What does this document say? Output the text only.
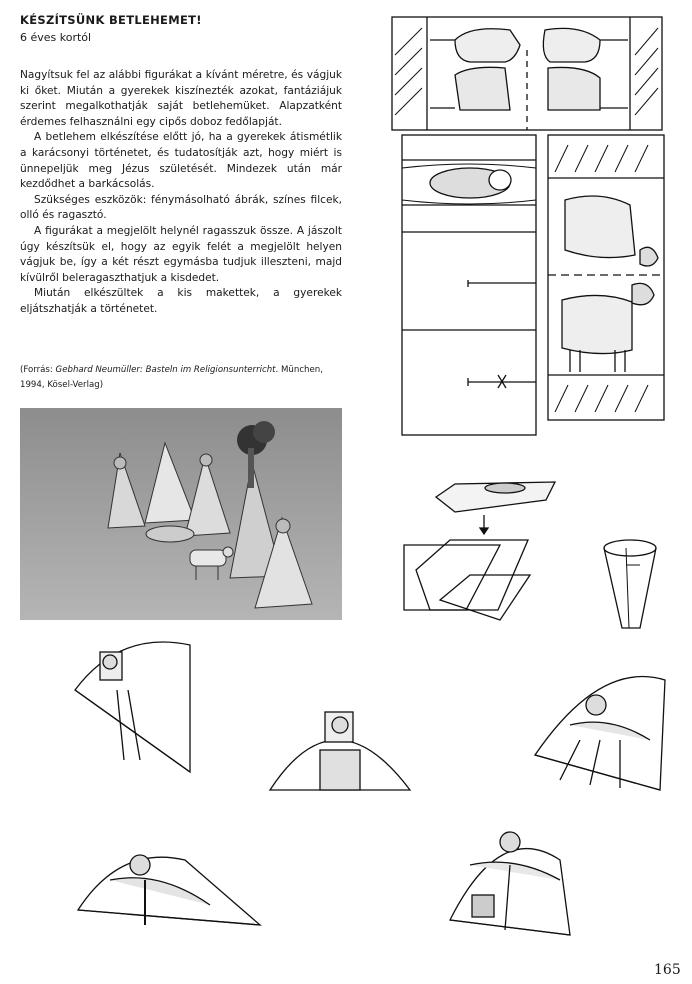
KÉSZÍTSÜNK BETLEHEMET!
6 éves kortól

Nagyítsuk fel az alábbi figurákat a kívánt méretre, és vágjuk ki őket. Miután a gyerekek kiszínezték azokat, fantáziájuk szerint megalkothatják saját betlehemüket. Alapzatként érdemes felhasználni egy cipős doboz fedőlapját.

A betlehem elkészítése előtt jó, ha a gyerekek átismétlik a karácsonyi történetet, és tudatosítják azt, hogy miért is ünnepeljük meg Jézus születését. Mindezek után már kezdődhet a barkácsolás.

Szükséges eszközök: fénymásolható ábrák, színes filcek, olló és ragasztó.

A figurákat a megjelölt helynél ragasszuk össze. A jászolt úgy készítsük el, hogy az egyik felét a megjelölt helyen vágjuk be, így a két részt egymásba tudjuk illeszteni, majd kívülről beleragaszthatjuk a kisdedet.

Miután elkészültek a kis makettek, a gyerekek eljátszhatják a történetet.

(Forrás: Gebhard Neumüller: Basteln im Religionsunterricht. München, 1994, Kösel-Verlag)
165
